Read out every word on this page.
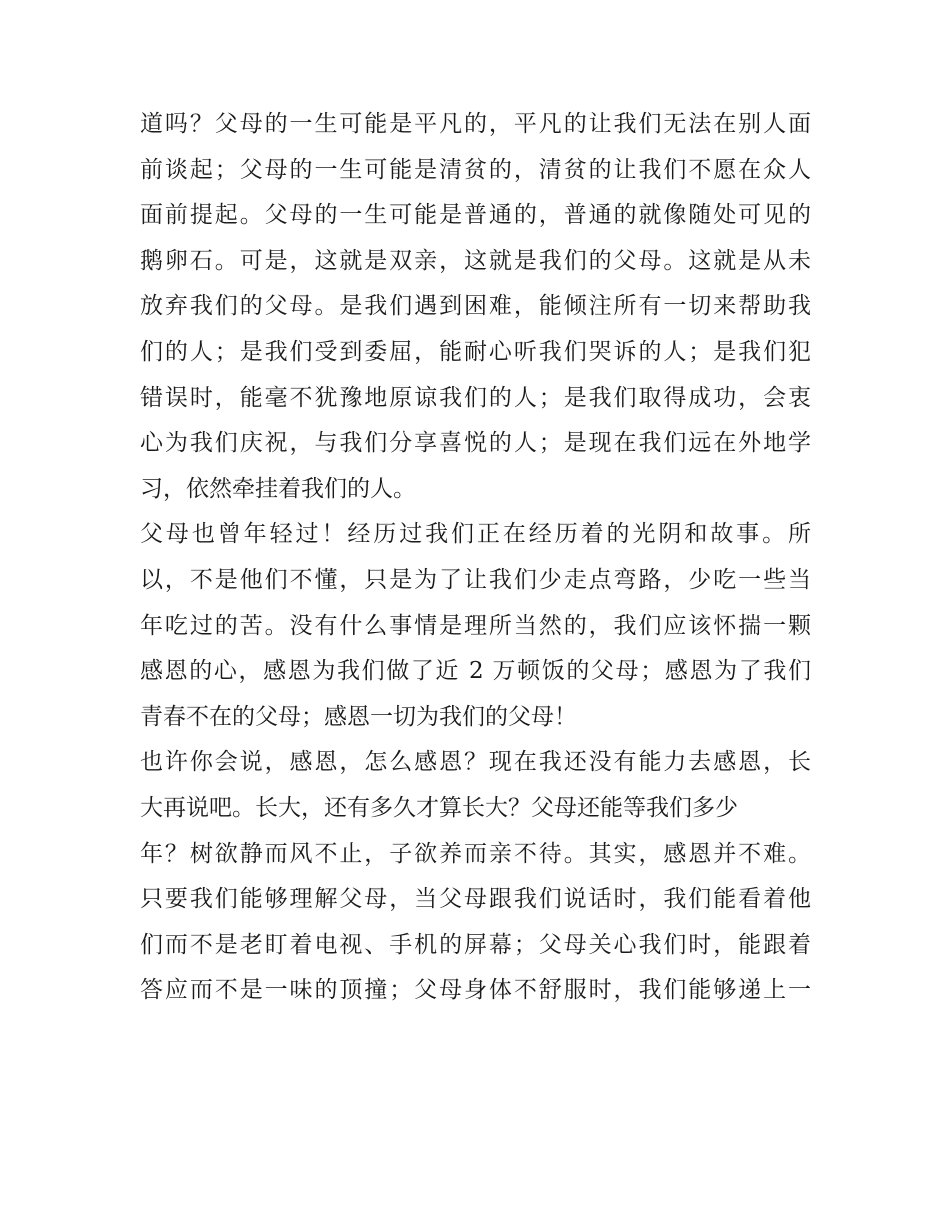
道吗？父母的一生可能是平凡的，平凡的让我们无法在别人面
前谈起；父母的一生可能是清贫的，清贫的让我们不愿在众人
面前提起。父母的一生可能是普通的，普通的就像随处可见的
鹅卵石。可是，这就是双亲，这就是我们的父母。这就是从未
放弃我们的父母。是我们遇到困难，能倾注所有一切来帮助我
们的人；是我们受到委屈，能耐心听我们哭诉的人；是我们犯
错误时，能毫不犹豫地原谅我们的人；是我们取得成功，会衷
心为我们庆祝，与我们分享喜悦的人；是现在我们远在外地学
习，依然牵挂着我们的人。
父母也曾年轻过！经历过我们正在经历着的光阴和故事。所
以，不是他们不懂，只是为了让我们少走点弯路，少吃一些当
年吃过的苦。没有什么事情是理所当然的，我们应该怀揣一颗
感恩的心，感恩为我们做了近 2 万顿饭的父母；感恩为了我们
青春不在的父母；感恩一切为我们的父母！
也许你会说，感恩，怎么感恩？现在我还没有能力去感恩，长
大再说吧。长大，还有多久才算长大？父母还能等我们多少
年？树欲静而风不止，子欲养而亲不待。其实，感恩并不难。
只要我们能够理解父母，当父母跟我们说话时，我们能看着他
们而不是老盯着电视、手机的屏幕；父母关心我们时，能跟着
答应而不是一味的顶撞；父母身体不舒服时，我们能够递上一
